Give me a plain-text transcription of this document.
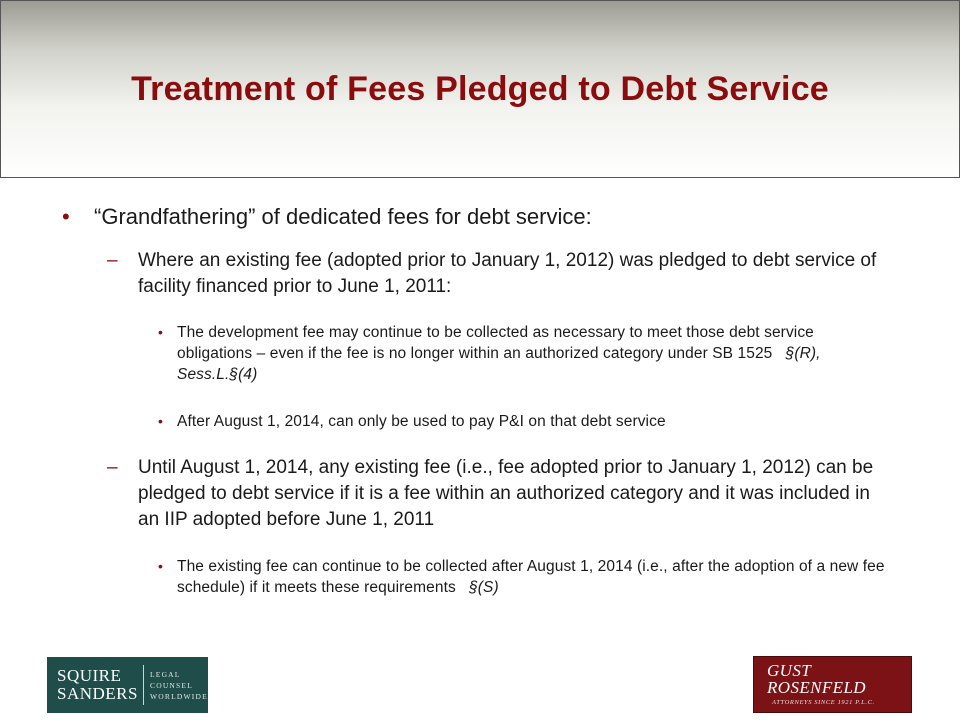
Treatment of Fees Pledged to Debt Service
• “Grandfathering” of dedicated fees for debt service:
– Where an existing fee (adopted prior to January 1, 2012) was pledged to debt service of facility financed prior to June 1, 2011:
• The development fee may continue to be collected as necessary to meet those debt service obligations – even if the fee is no longer within an authorized category under SB 1525 §(R), Sess.L.§(4)
• After August 1, 2014, can only be used to pay P&I on that debt service
– Until August 1, 2014, any existing fee (i.e., fee adopted prior to January 1, 2012) can be pledged to debt service if it is a fee within an authorized category and it was included in an IIP adopted before June 1, 2011
• The existing fee can continue to be collected after August 1, 2014 (i.e., after the adoption of a new fee schedule) if it meets these requirements §(S)
SQUIRE
SANDERS
LEGAL
COUNSEL
WORLDWIDE
GUST
ROSENFELD
ATTORNEYS SINCE 1921 P.L.C.
